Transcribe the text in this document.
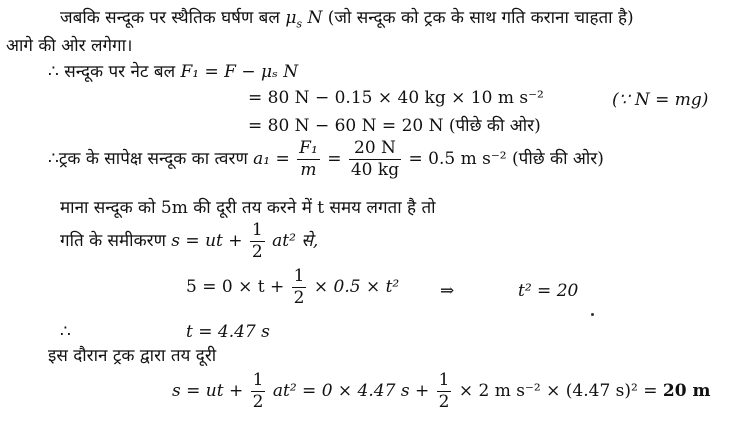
जबकि सन्दूक पर स्थैतिक घर्षण बल $\mu_s$ N (जो सन्दूक को ट्रक के साथ गति कराना चाहता है)
आगे की ओर लगेगा।
∴ सन्दूक पर नेट बल F₁ = F − μₛ N
= 80 N − 0.15 × 40 kg × 10 m s⁻²	(∵ N = mg)
= 80 N − 60 N = 20 N (पीछे की ओर)
∴ट्रक के सापेक्ष सन्दूक का त्वरण $a_1 = \frac{\text{F₁}}{m} = \frac{20 N}{40 kg} = 0.5$ m s⁻² (पीछे की ओर)
माना सन्दूक को 5m की दूरी तय करने में t समय लगता है तो
गति के समीकरण s = ut + $\frac{1}{2} at^2$ से,
$5 = 0 \times t + \frac{1}{2} \times 0.5 \times t^2$ ⇒	t² = 20
∴	t = 4.47 s
इस दौरान ट्रक द्वारा तय दूरी
s = ut + $\frac{1}{2} at^2 = 0 \times 4.47$ $s + \frac{1}{2} \times 2$ m s⁻² × (4.47 s)² = 20 m
